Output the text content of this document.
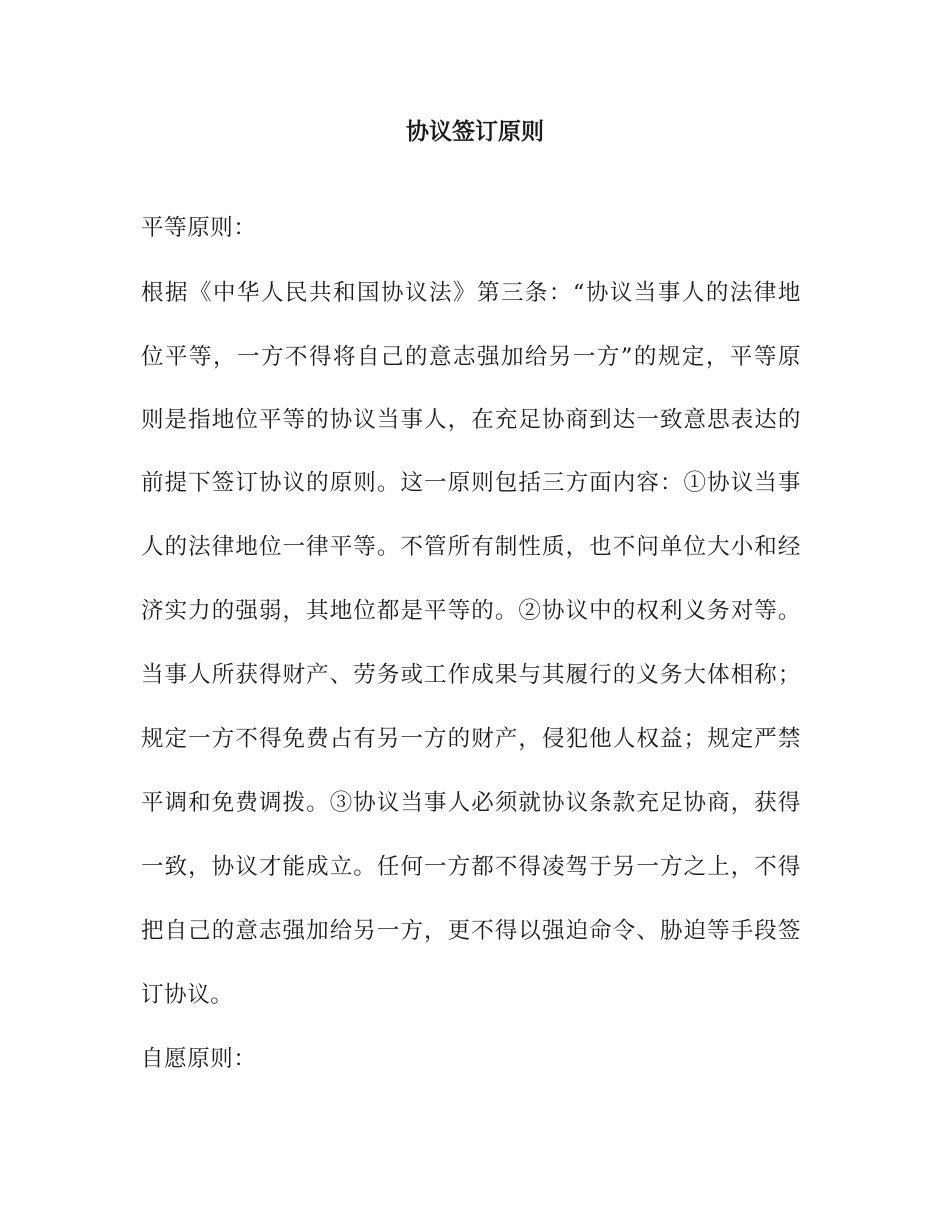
协议签订原则

平等原则：

根据《中华人民共和国协议法》第三条：“协议当事人的法律地

位平等，一方不得将自己的意志强加给另一方”的规定，平等原

则是指地位平等的协议当事人，在充足协商到达一致意思表达的

前提下签订协议的原则。这一原则包括三方面内容：①协议当事

人的法律地位一律平等。不管所有制性质，也不问单位大小和经

济实力的强弱，其地位都是平等的。②协议中的权利义务对等。

当事人所获得财产、劳务或工作成果与其履行的义务大体相称；

规定一方不得免费占有另一方的财产，侵犯他人权益；规定严禁

平调和免费调拨。③协议当事人必须就协议条款充足协商，获得

一致，协议才能成立。任何一方都不得凌驾于另一方之上，不得

把自己的意志强加给另一方，更不得以强迫命令、胁迫等手段签

订协议。

自愿原则：
